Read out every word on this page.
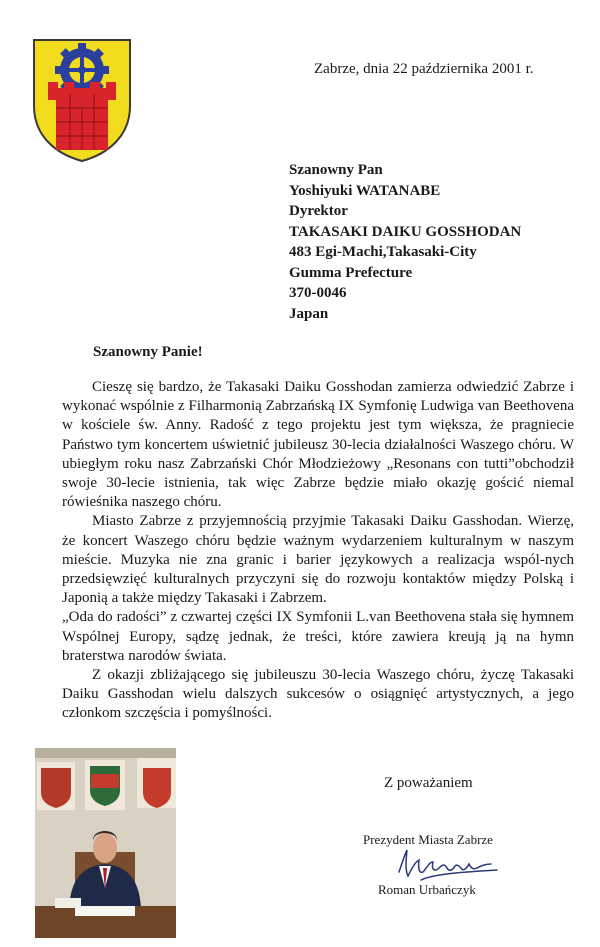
Zabrze, dnia 22 października 2001 r.
Szanowny Pan
Yoshiyuki WATANABE
Dyrektor
TAKASAKI DAIKU GOSSHODAN
483 Egi-Machi,Takasaki-City
Gumma Prefecture
370-0046
Japan
Szanowny Panie!

Cieszę się bardzo, że Takasaki Daiku Gosshodan zamierza odwiedzić Zabrze i wykonać wspólnie z Filharmonią Zabrzańską IX Symfonię Ludwiga van Beethovena w kościele św. Anny. Radość z tego projektu jest tym większa, że pragniecie Państwo tym koncertem uświetnić jubileusz 30-lecia działalności Waszego chóru. W ubiegłym roku nasz Zabrzański Chór Młodzieżowy „Resonans con tutti”obchodził swoje 30-lecie istnienia, tak więc Zabrze będzie miało okazję gościć niemal rówieśnika naszego chóru.

Miasto Zabrze z przyjemnością przyjmie Takasaki Daiku Gasshodan. Wierzę, że koncert Waszego chóru będzie ważnym wydarzeniem kulturalnym w naszym mieście. Muzyka nie zna granic i barier językowych a realizacja wspól-nych przedsięwzięć kulturalnych przyczyni się do rozwoju kontaktów między Polską i Japonią a także między Takasaki i Zabrzem.

„Oda do radości” z czwartej części IX Symfonii L.van Beethovena stała się hymnem Wspólnej Europy, sądzę jednak, że treści, które zawiera kreują ją na hymn braterstwa narodów świata.

Z okazji zbliżającego się jubileuszu 30-lecia Waszego chóru, życzę Takasaki Daiku Gasshodan wielu dalszych sukcesów o osiągnięć artystycznych, a jego członkom szczęścia i pomyślności.

Z poważaniem
Prezydent Miasta Zabrze
Roman Urbańczyk
